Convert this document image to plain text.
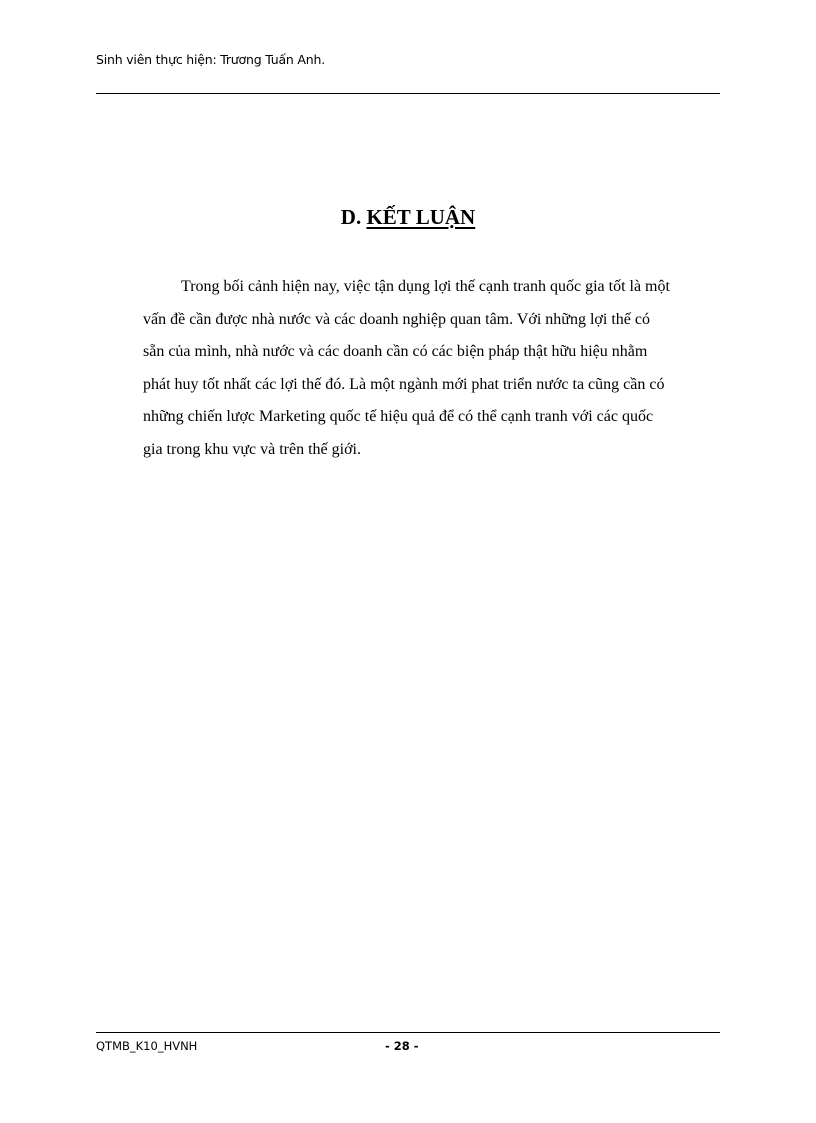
Sinh viên thực hiện: Trương Tuấn Anh.
D. KẾT LUẬN
Trong bối cảnh hiện nay, việc tận dụng lợi thế cạnh tranh quốc gia tốt là một
vấn đề cần được nhà nước và các doanh nghiệp quan tâm. Với những lợi thế có
sẵn của mình, nhà nước và các doanh cần có các biện pháp thật hữu hiệu nhằm
phát huy tốt nhất các lợi thế đó. Là một ngành mới phat triển nước ta cũng cần có
những chiến lược Marketing quốc tế hiệu quả để có thể cạnh tranh với các quốc
gia trong khu vực và trên thế giới.
QTMB_K10_HVNH	- 28 -
